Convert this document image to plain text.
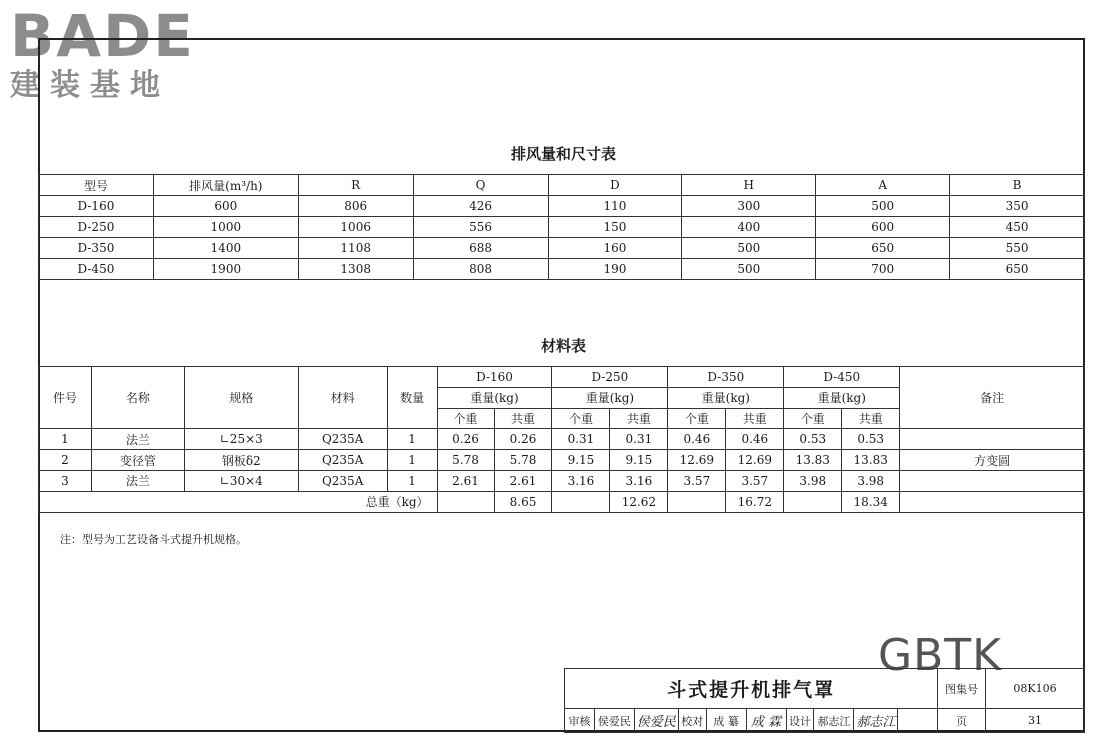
BADE
建装基地
排风量和尺寸表
型号	排风量(m³/h)	R	Q	D	H	A	B
D-160	600	806	426	110	300	500	350
D-250	1000	1006	556	150	400	600	450
D-350	1400	1108	688	160	500	650	550
D-450	1900	1308	808	190	500	700	650
材料表
件号	名称	规格	材料	数量	D-160		D-250		D-350		D-450		备注
					重量(kg)		重量(kg)		重量(kg)		重量(kg)		
					个重	共重	个重	共重	个重	共重	个重	共重	
1	法兰	∟25×3	Q235A	1	0.26	0.26	0.31	0.31	0.46	0.46	0.53	0.53	
2	变径管	钢板δ2	Q235A	1	5.78	5.78	9.15	9.15	12.69	12.69	13.83	13.83	方变圆
3	法兰	∟30×4	Q235A	1	2.61	2.61	3.16	3.16	3.57	3.57	3.98	3.98	
总重（kg）						8.65		12.62		16.72		18.34	
注：型号为工艺设备斗式提升机规格。
GBTK
斗式提升机排气罩										图集号	08K106
审核	侯爱民	侯爱民	校对	成 纂	成 霖	设计	郝志江	郝志江		页	31
